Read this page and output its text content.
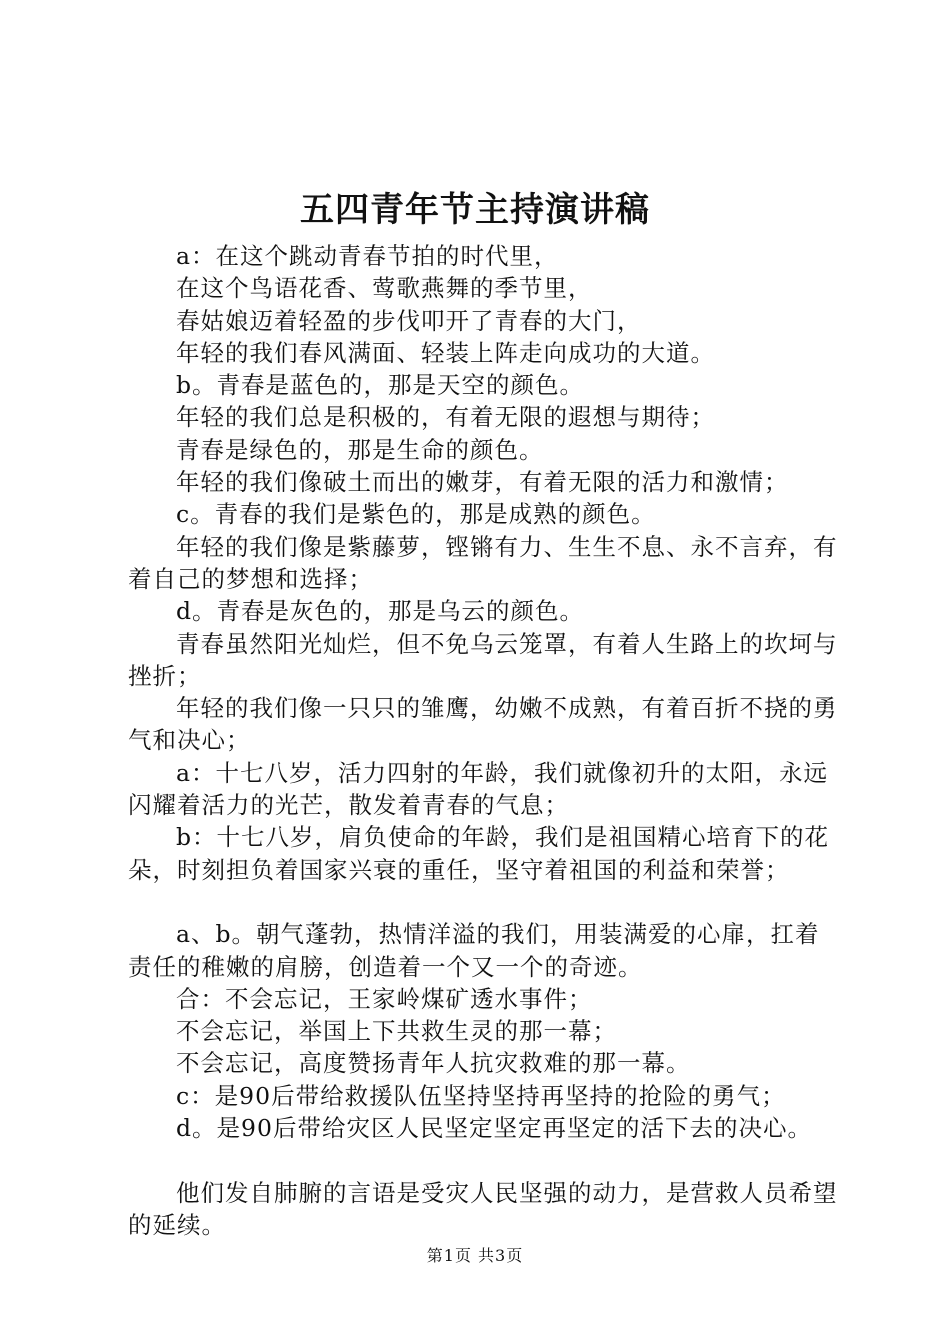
五四青年节主持演讲稿

a：在这个跳动青春节拍的时代里，

在这个鸟语花香、莺歌燕舞的季节里，

春姑娘迈着轻盈的步伐叩开了青春的大门，

年轻的我们春风满面、轻装上阵走向成功的大道。

b。青春是蓝色的，那是天空的颜色。

年轻的我们总是积极的，有着无限的遐想与期待；

青春是绿色的，那是生命的颜色。

年轻的我们像破土而出的嫩芽，有着无限的活力和激情；

c。青春的我们是紫色的，那是成熟的颜色。

年轻的我们像是紫藤萝，铿锵有力、生生不息、永不言弃，有着自己的梦想和选择；

d。青春是灰色的，那是乌云的颜色。

青春虽然阳光灿烂，但不免乌云笼罩，有着人生路上的坎坷与挫折；

年轻的我们像一只只的雏鹰，幼嫩不成熟，有着百折不挠的勇气和决心；

a：十七八岁，活力四射的年龄，我们就像初升的太阳，永远闪耀着活力的光芒，散发着青春的气息；

b：十七八岁，肩负使命的年龄，我们是祖国精心培育下的花朵，时刻担负着国家兴衰的重任，坚守着祖国的利益和荣誉；

a、b。朝气蓬勃，热情洋溢的我们，用装满爱的心扉，扛着责任的稚嫩的肩膀，创造着一个又一个的奇迹。

合：不会忘记，王家岭煤矿透水事件；

不会忘记，举国上下共救生灵的那一幕；

不会忘记，高度赞扬青年人抗灾救难的那一幕。

c：是90后带给救援队伍坚持坚持再坚持的抢险的勇气；

d。是90后带给灾区人民坚定坚定再坚定的活下去的决心。

他们发自肺腑的言语是受灾人民坚强的动力，是营救人员希望的延续。

第1页 共3页
